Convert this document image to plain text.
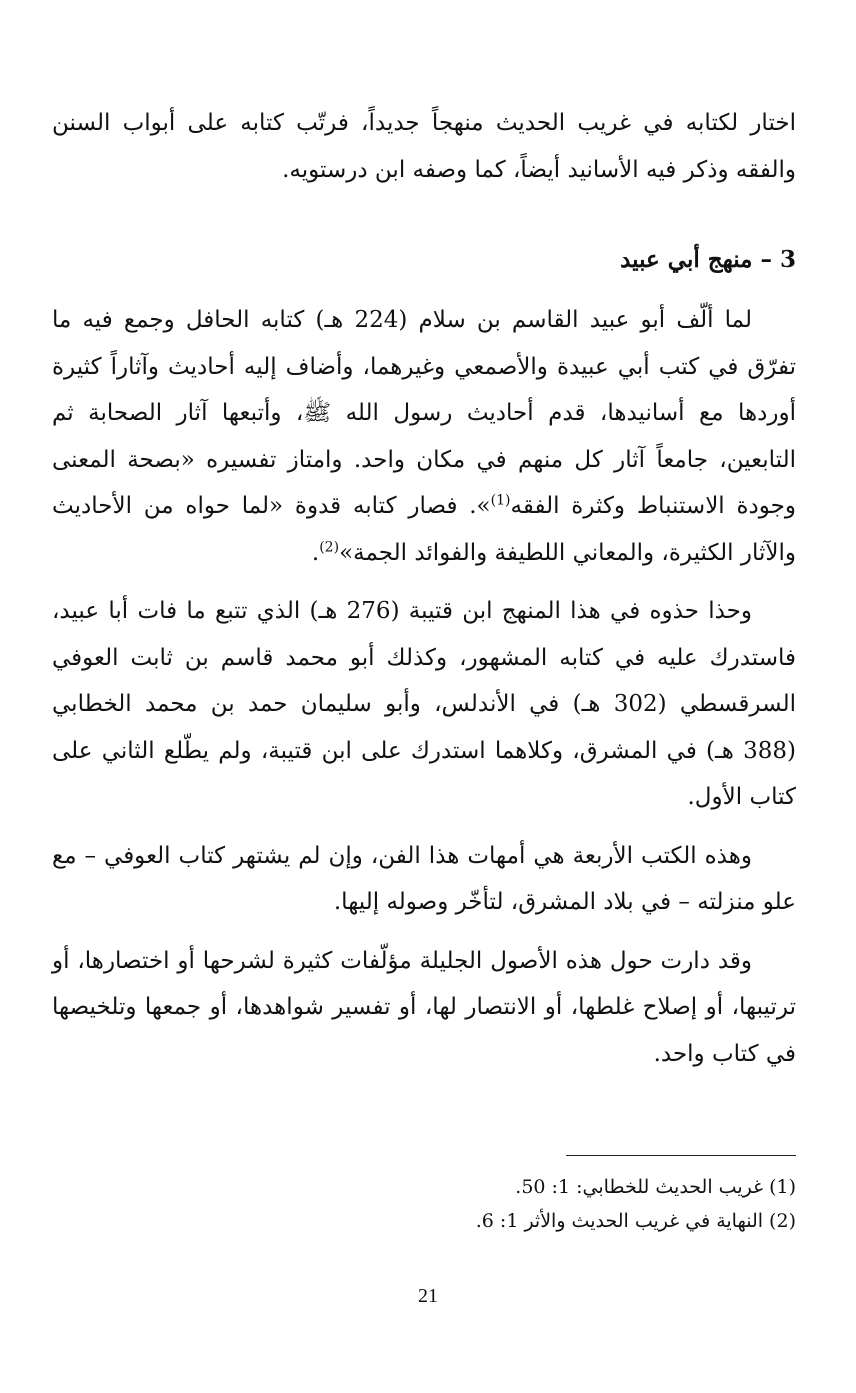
اختار لكتابه في غريب الحديث منهجاً جديداً، فرتّب كتابه على أبواب السنن والفقه وذكر فيه الأسانيد أيضاً، كما وصفه ابن درستويه.

3 – منهج أبي عبيد

لما ألّف أبو عبيد القاسم بن سلام (224 هـ) كتابه الحافل وجمع فيه ما تفرّق في كتب أبي عبيدة والأصمعي وغيرهما، وأضاف إليه أحاديث وآثاراً كثيرة أوردها مع أسانيدها، قدم أحاديث رسول الله ﷺ، وأتبعها آثار الصحابة ثم التابعين، جامعاً آثار كل منهم في مكان واحد. وامتاز تفسيره «بصحة المعنى وجودة الاستنباط وكثرة الفقه$^{(1)}$». فصار كتابه قدوة «لما حواه من الأحاديث والآثار الكثيرة، والمعاني اللطيفة والفوائد الجمة»$^{(2)}$.

وحذا حذوه في هذا المنهج ابن قتيبة (276 هـ) الذي تتبع ما فات أبا عبيد، فاستدرك عليه في كتابه المشهور، وكذلك أبو محمد قاسم بن ثابت العوفي السرقسطي (302 هـ) في الأندلس، وأبو سليمان حمد بن محمد الخطابي (388 هـ) في المشرق، وكلاهما استدرك على ابن قتيبة، ولم يطّلع الثاني على كتاب الأول.

وهذه الكتب الأربعة هي أمهات هذا الفن، وإن لم يشتهر كتاب العوفي – مع علو منزلته – في بلاد المشرق، لتأخّر وصوله إليها.

وقد دارت حول هذه الأصول الجليلة مؤلّفات كثيرة لشرحها أو اختصارها، أو ترتيبها، أو إصلاح غلطها، أو الانتصار لها، أو تفسير شواهدها، أو جمعها وتلخيصها في كتاب واحد.

(1) غريب الحديث للخطابي: 1: 50.

(2) النهاية في غريب الحديث والأثر 1: 6.

21
